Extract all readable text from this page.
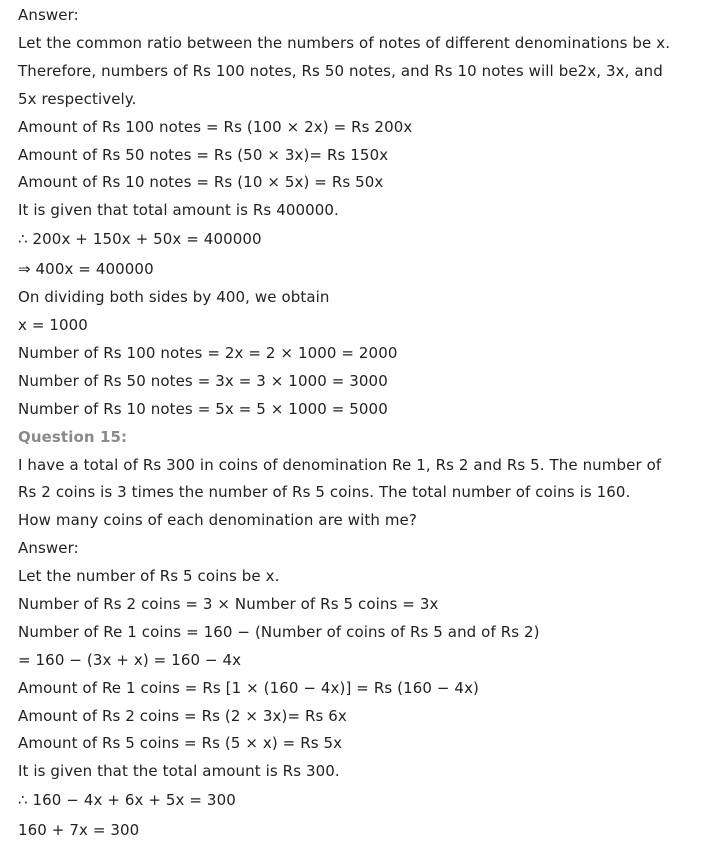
Answer:
Let the common ratio between the numbers of notes of different denominations be x.
Therefore, numbers of Rs 100 notes, Rs 50 notes, and Rs 10 notes will be2x, 3x, and
5x respectively.
Amount of Rs 100 notes = Rs (100 × 2x) = Rs 200x
Amount of Rs 50 notes = Rs (50 × 3x)= Rs 150x
Amount of Rs 10 notes = Rs (10 × 5x) = Rs 50x
It is given that total amount is Rs 400000.
∴ 200x + 150x + 50x = 400000
⇒ 400x = 400000
On dividing both sides by 400, we obtain
x = 1000
Number of Rs 100 notes = 2x = 2 × 1000 = 2000
Number of Rs 50 notes = 3x = 3 × 1000 = 3000
Number of Rs 10 notes = 5x = 5 × 1000 = 5000
Question 15:
I have a total of Rs 300 in coins of denomination Re 1, Rs 2 and Rs 5. The number of
Rs 2 coins is 3 times the number of Rs 5 coins. The total number of coins is 160.
How many coins of each denomination are with me?
Answer:
Let the number of Rs 5 coins be x.
Number of Rs 2 coins = 3 × Number of Rs 5 coins = 3x
Number of Re 1 coins = 160 − (Number of coins of Rs 5 and of Rs 2)
= 160 − (3x + x) = 160 − 4x
Amount of Re 1 coins = Rs [1 × (160 − 4x)] = Rs (160 − 4x)
Amount of Rs 2 coins = Rs (2 × 3x)= Rs 6x
Amount of Rs 5 coins = Rs (5 × x) = Rs 5x
It is given that the total amount is Rs 300.
∴ 160 − 4x + 6x + 5x = 300
160 + 7x = 300
